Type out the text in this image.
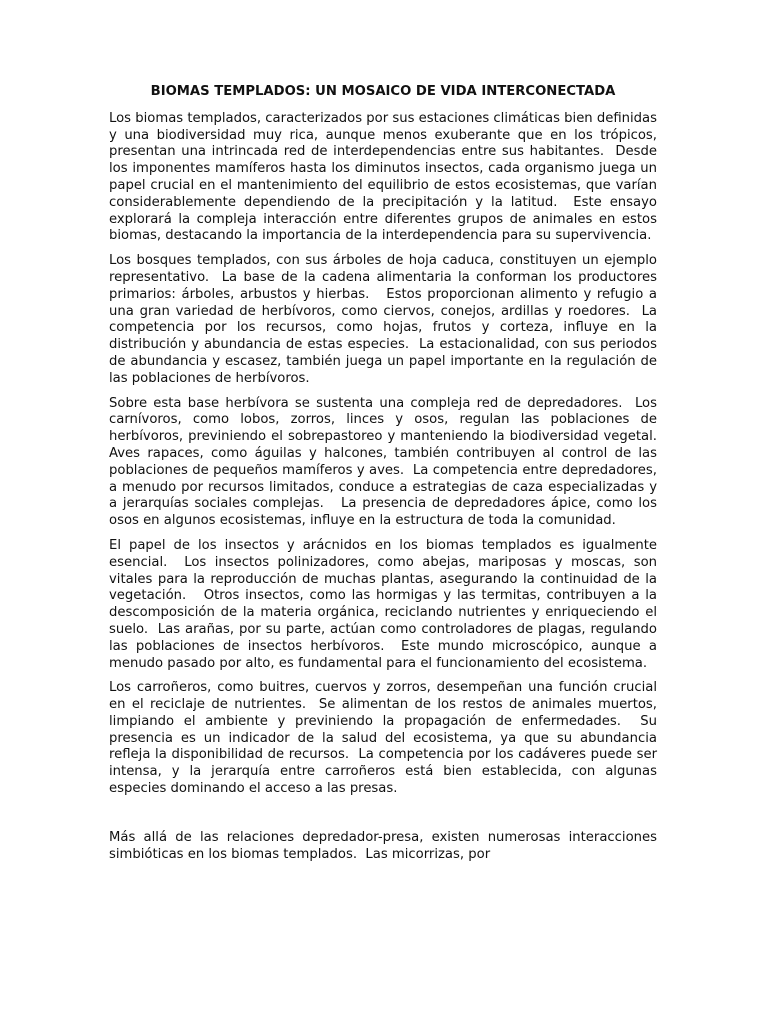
BIOMAS TEMPLADOS: UN MOSAICO DE VIDA INTERCONECTADA

Los biomas templados, caracterizados por sus estaciones climáticas bien definidas y una biodiversidad muy rica, aunque menos exuberante que en los trópicos, presentan una intrincada red de interdependencias entre sus habitantes.  Desde los imponentes mamíferos hasta los diminutos insectos, cada organismo juega un papel crucial en el mantenimiento del equilibrio de estos ecosistemas, que varían considerablemente dependiendo de la precipitación y la latitud.  Este ensayo explorará la compleja interacción entre diferentes grupos de animales en estos biomas, destacando la importancia de la interdependencia para su supervivencia.

Los bosques templados, con sus árboles de hoja caduca, constituyen un ejemplo representativo.  La base de la cadena alimentaria la conforman los productores primarios: árboles, arbustos y hierbas.   Estos proporcionan alimento y refugio a una gran variedad de herbívoros, como ciervos, conejos, ardillas y roedores.  La competencia por los recursos, como hojas, frutos y corteza, influye en la distribución y abundancia de estas especies.  La estacionalidad, con sus periodos de abundancia y escasez, también juega un papel importante en la regulación de las poblaciones de herbívoros.

Sobre esta base herbívora se sustenta una compleja red de depredadores.  Los carnívoros, como lobos, zorros, linces y osos, regulan las poblaciones de herbívoros, previniendo el sobrepastoreo y manteniendo la biodiversidad vegetal.  Aves rapaces, como águilas y halcones, también contribuyen al control de las poblaciones de pequeños mamíferos y aves.  La competencia entre depredadores, a menudo por recursos limitados, conduce a estrategias de caza especializadas y a jerarquías sociales complejas.   La presencia de depredadores ápice, como los osos en algunos ecosistemas, influye en la estructura de toda la comunidad.

El papel de los insectos y arácnidos en los biomas templados es igualmente esencial.  Los insectos polinizadores, como abejas, mariposas y moscas, son vitales para la reproducción de muchas plantas, asegurando la continuidad de la vegetación.   Otros insectos, como las hormigas y las termitas, contribuyen a la descomposición de la materia orgánica, reciclando nutrientes y enriqueciendo el suelo.  Las arañas, por su parte, actúan como controladores de plagas, regulando las poblaciones de insectos herbívoros.  Este mundo microscópico, aunque a menudo pasado por alto, es fundamental para el funcionamiento del ecosistema.

Los carroñeros, como buitres, cuervos y zorros, desempeñan una función crucial en el reciclaje de nutrientes.  Se alimentan de los restos de animales muertos, limpiando el ambiente y previniendo la propagación de enfermedades.  Su presencia es un indicador de la salud del ecosistema, ya que su abundancia refleja la disponibilidad de recursos.  La competencia por los cadáveres puede ser intensa, y la jerarquía entre carroñeros está bien establecida, con algunas especies dominando el acceso a las presas.

Más allá de las relaciones depredador-presa, existen numerosas interacciones simbióticas en los biomas templados.  Las micorrizas, por
